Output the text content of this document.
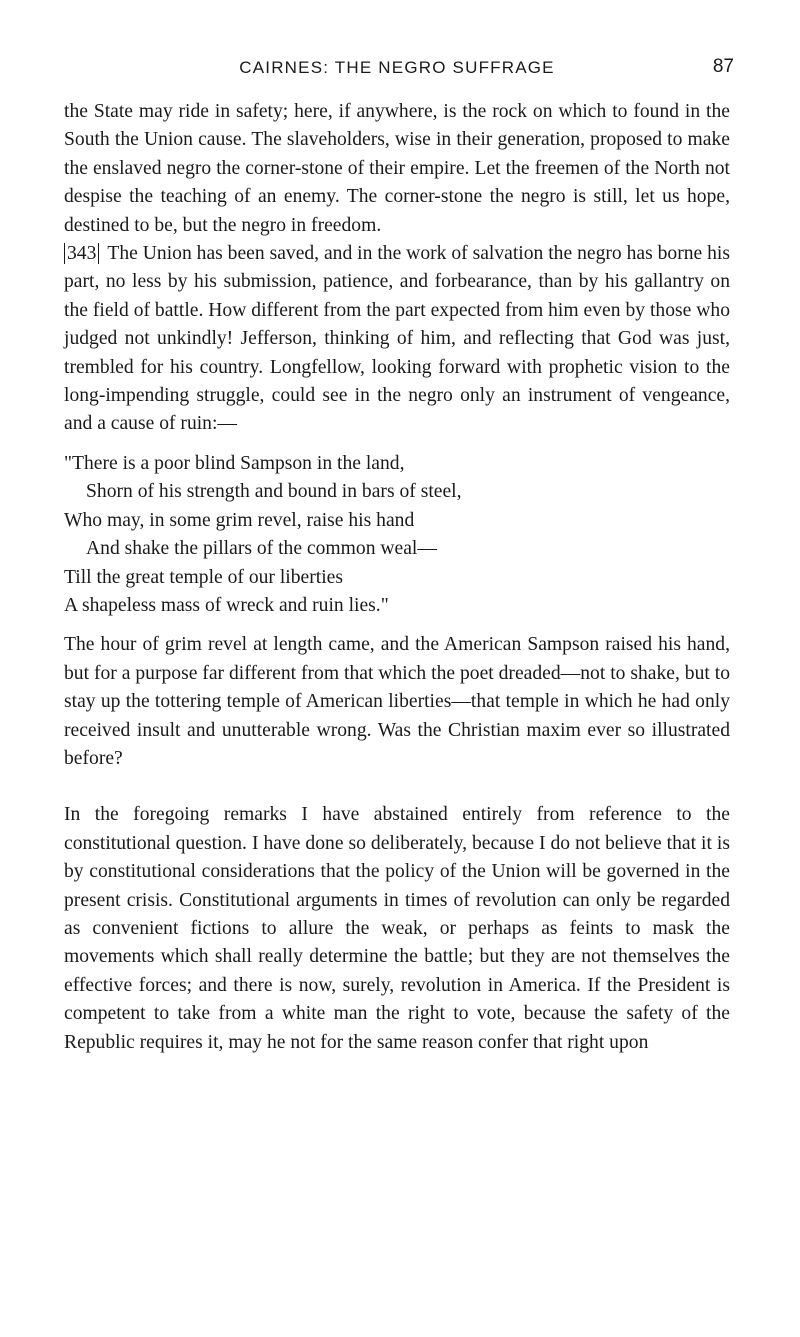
CAIRNES: THE NEGRO SUFFRAGE	87

the State may ride in safety; here, if anywhere, is the rock on which to found in the South the Union cause. The slaveholders, wise in their generation, proposed to make the enslaved negro the corner-stone of their empire. Let the freemen of the North not despise the teaching of an enemy. The corner-stone the negro is still, let us hope, destined to be, but the negro in freedom.

343 The Union has been saved, and in the work of salvation the negro has borne his part, no less by his submission, patience, and forbearance, than by his gallantry on the field of battle. How different from the part expected from him even by those who judged not unkindly! Jefferson, thinking of him, and reflecting that God was just, trembled for his country. Longfellow, looking forward with prophetic vision to the long-impending struggle, could see in the negro only an instrument of vengeance, and a cause of ruin:—

"There is a poor blind Sampson in the land,
Shorn of his strength and bound in bars of steel,
Who may, in some grim revel, raise his hand
And shake the pillars of the common weal—
Till the great temple of our liberties
A shapeless mass of wreck and ruin lies."

The hour of grim revel at length came, and the American Sampson raised his hand, but for a purpose far different from that which the poet dreaded—not to shake, but to stay up the tottering temple of American liberties—that temple in which he had only received insult and unutterable wrong. Was the Christian maxim ever so illustrated before?

In the foregoing remarks I have abstained entirely from reference to the constitutional question. I have done so deliberately, because I do not believe that it is by constitutional considerations that the policy of the Union will be governed in the present crisis. Constitutional arguments in times of revolution can only be regarded as convenient fictions to allure the weak, or perhaps as feints to mask the movements which shall really determine the battle; but they are not themselves the effective forces; and there is now, surely, revolution in America. If the President is competent to take from a white man the right to vote, because the safety of the Republic requires it, may he not for the same reason confer that right upon
